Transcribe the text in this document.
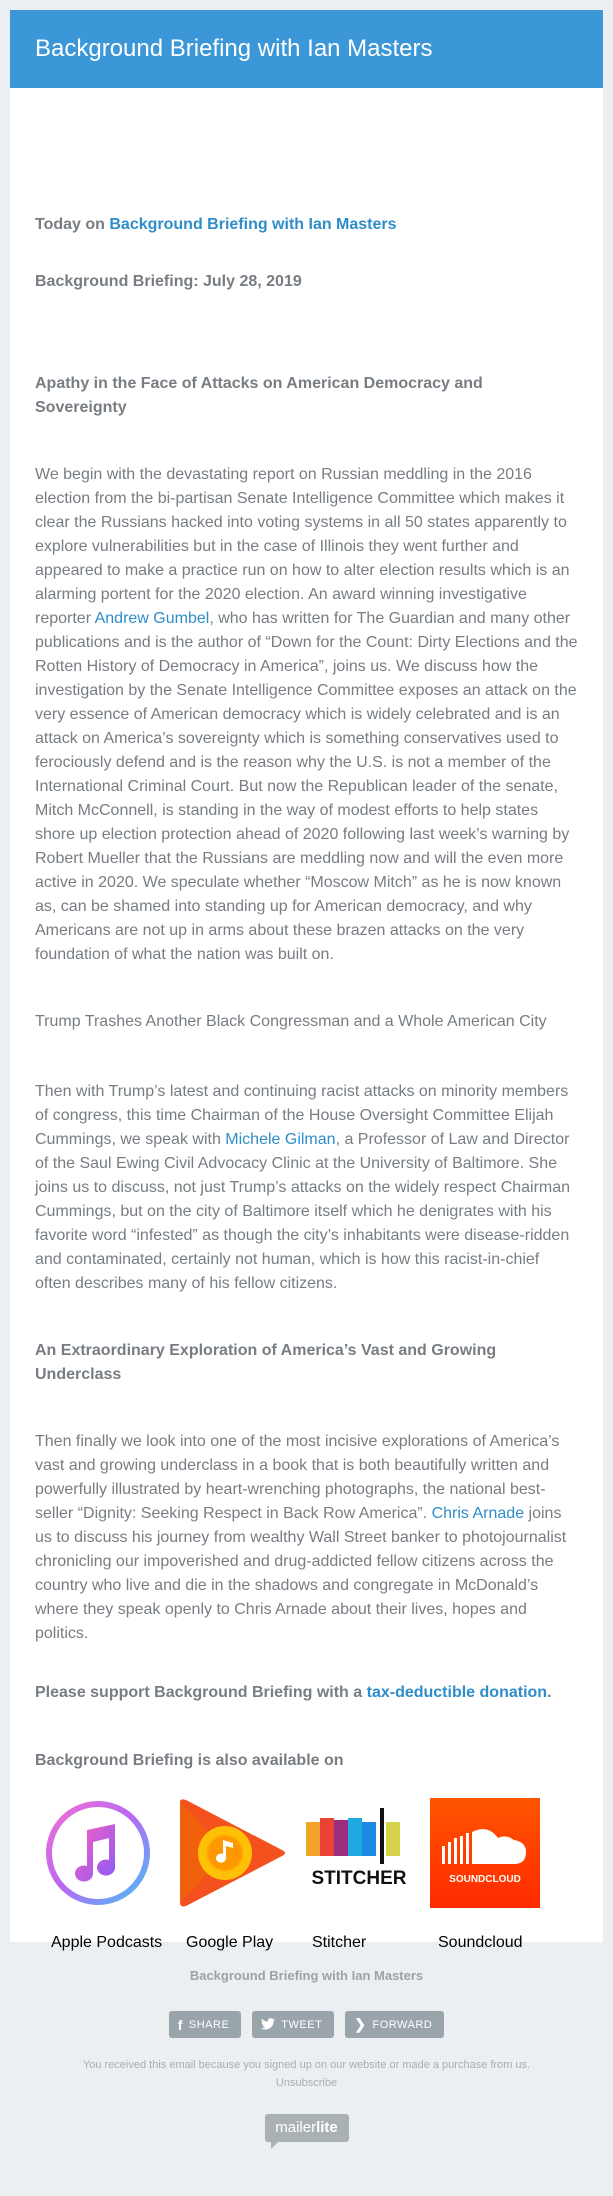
Background Briefing with Ian Masters

Today on Background Briefing with Ian Masters

Background Briefing: July 28, 2019

Apathy in the Face of Attacks on American Democracy and Sovereignty

We begin with the devastating report on Russian meddling in the 2016 election from the bi-partisan Senate Intelligence Committee which makes it clear the Russians hacked into voting systems in all 50 states apparently to explore vulnerabilities but in the case of Illinois they went further and appeared to make a practice run on how to alter election results which is an alarming portent for the 2020 election. An award winning investigative reporter Andrew Gumbel, who has written for The Guardian and many other publications and is the author of “Down for the Count: Dirty Elections and the Rotten History of Democracy in America”, joins us. We discuss how the investigation by the Senate Intelligence Committee exposes an attack on the very essence of American democracy which is widely celebrated and is an attack on America’s sovereignty which is something conservatives used to ferociously defend and is the reason why the U.S. is not a member of the International Criminal Court. But now the Republican leader of the senate, Mitch McConnell, is standing in the way of modest efforts to help states shore up election protection ahead of 2020 following last week’s warning by Robert Mueller that the Russians are meddling now and will the even more active in 2020. We speculate whether “Moscow Mitch” as he is now known as, can be shamed into standing up for American democracy, and why Americans are not up in arms about these brazen attacks on the very foundation of what the nation was built on.

Trump Trashes Another Black Congressman and a Whole American City

Then with Trump’s latest and continuing racist attacks on minority members of congress, this time Chairman of the House Oversight Committee Elijah Cummings, we speak with Michele Gilman, a Professor of Law and Director of the Saul Ewing Civil Advocacy Clinic at the University of Baltimore. She joins us to discuss, not just Trump’s attacks on the widely respect Chairman Cummings, but on the city of Baltimore itself which he denigrates with his favorite word “infested” as though the city’s inhabitants were disease-ridden and contaminated, certainly not human, which is how this racist-in-chief often describes many of his fellow citizens.

An Extraordinary Exploration of America’s Vast and Growing Underclass

Then finally we look into one of the most incisive explorations of America’s vast and growing underclass in a book that is both beautifully written and powerfully illustrated by heart-wrenching photographs, the national best-seller “Dignity: Seeking Respect in Back Row America”. Chris Arnade joins us to discuss his journey from wealthy Wall Street banker to photojournalist chronicling our impoverished and drug-addicted fellow citizens across the country who live and die in the shadows and congregate in McDonald’s where they speak openly to Chris Arnade about their lives, hopes and politics.

Please support Background Briefing with a tax-deductible donation.

Background Briefing is also available on

Apple Podcasts Google Play
STITCHER
Stitcher
SOUNDCLOUD
Soundcloud
Background Briefing with Ian Masters
f SHARE	TWEET ❯ FORWARD
You received this email because you signed up on our website or made a purchase from us.
Unsubscribe
mailerlite
